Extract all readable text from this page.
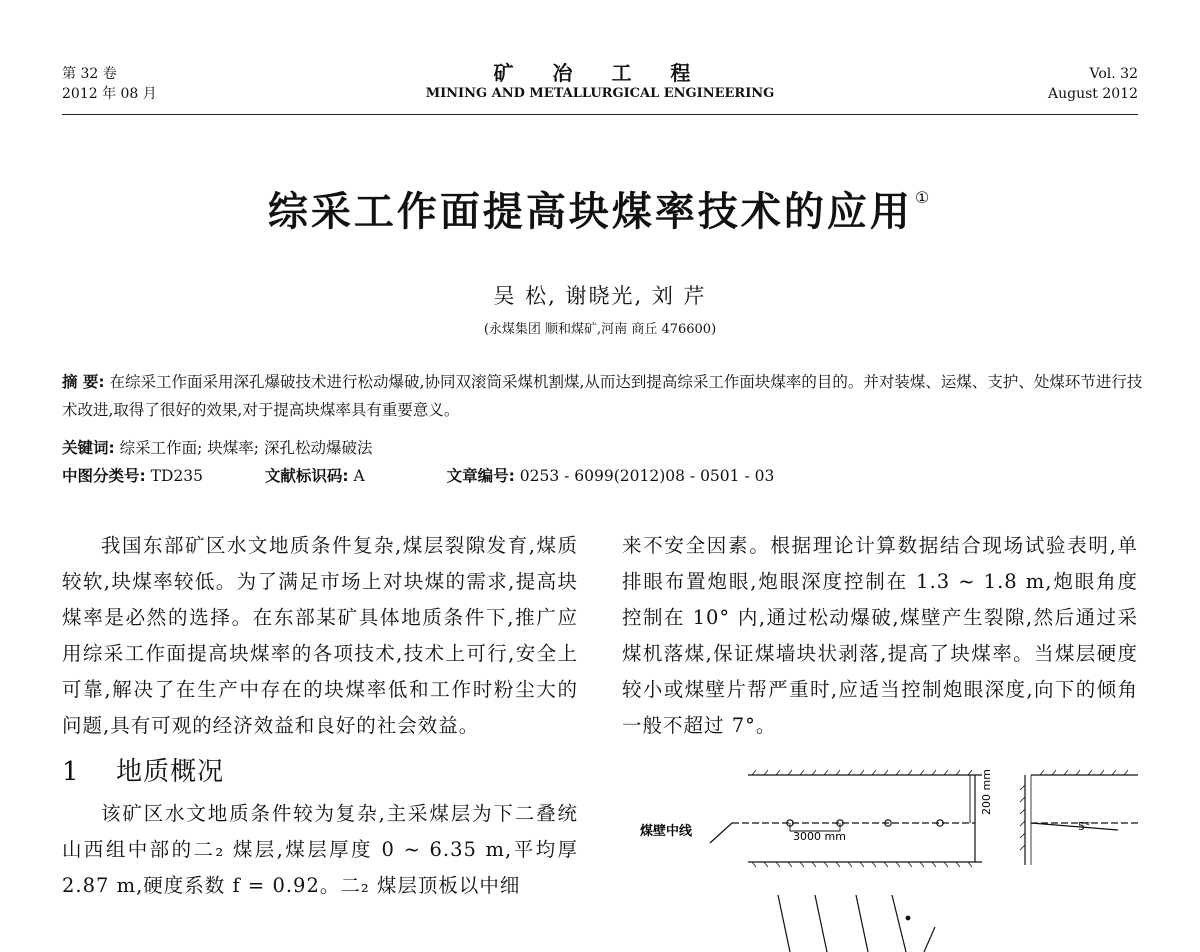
第 32 卷
2012 年 08 月
矿 冶 工 程
MINING AND METALLURGICAL ENGINEERING
Vol. 32
August 2012
综采工作面提高块煤率技术的应用 ①
吴 松, 谢晓光, 刘 芹
(永煤集团 顺和煤矿,河南 商丘 476600)
摘 要: 在综采工作面采用深孔爆破技术进行松动爆破,协同双滚筒采煤机割煤,从而达到提高综采工作面块煤率的目的。并对装煤、运煤、支护、处煤环节进行技术改进,取得了很好的效果,对于提高块煤率具有重要意义。
关键词: 综采工作面; 块煤率; 深孔松动爆破法
中图分类号: TD235	文献标识码: A	文章编号: 0253 - 6099(2012)08 - 0501 - 03

我国东部矿区水文地质条件复杂,煤层裂隙发育,煤质较软,块煤率较低。为了满足市场上对块煤的需求,提高块煤率是必然的选择。在东部某矿具体地质条件下,推广应用综采工作面提高块煤率的各项技术,技术上可行,安全上可靠,解决了在生产中存在的块煤率低和工作时粉尘大的问题,具有可观的经济效益和良好的社会效益。

1 地质概况

该矿区水文地质条件较为复杂,主采煤层为下二叠统山西组中部的二₂ 煤层,煤层厚度 0 ~ 6.35 m,平均厚 2.87 m,硬度系数 f = 0.92。二₂ 煤层顶板以中细

来不安全因素。根据理论计算数据结合现场试验表明,单排眼布置炮眼,炮眼深度控制在 1.3 ~ 1.8 m,炮眼角度控制在 10° 内,通过松动爆破,煤壁产生裂隙,然后通过采煤机落煤,保证煤墙块状剥落,提高了块煤率。当煤层硬度较小或煤壁片帮严重时,应适当控制炮眼深度,向下的倾角一般不超过 7°。

煤壁中线	3000 mm
200 mm
5°
